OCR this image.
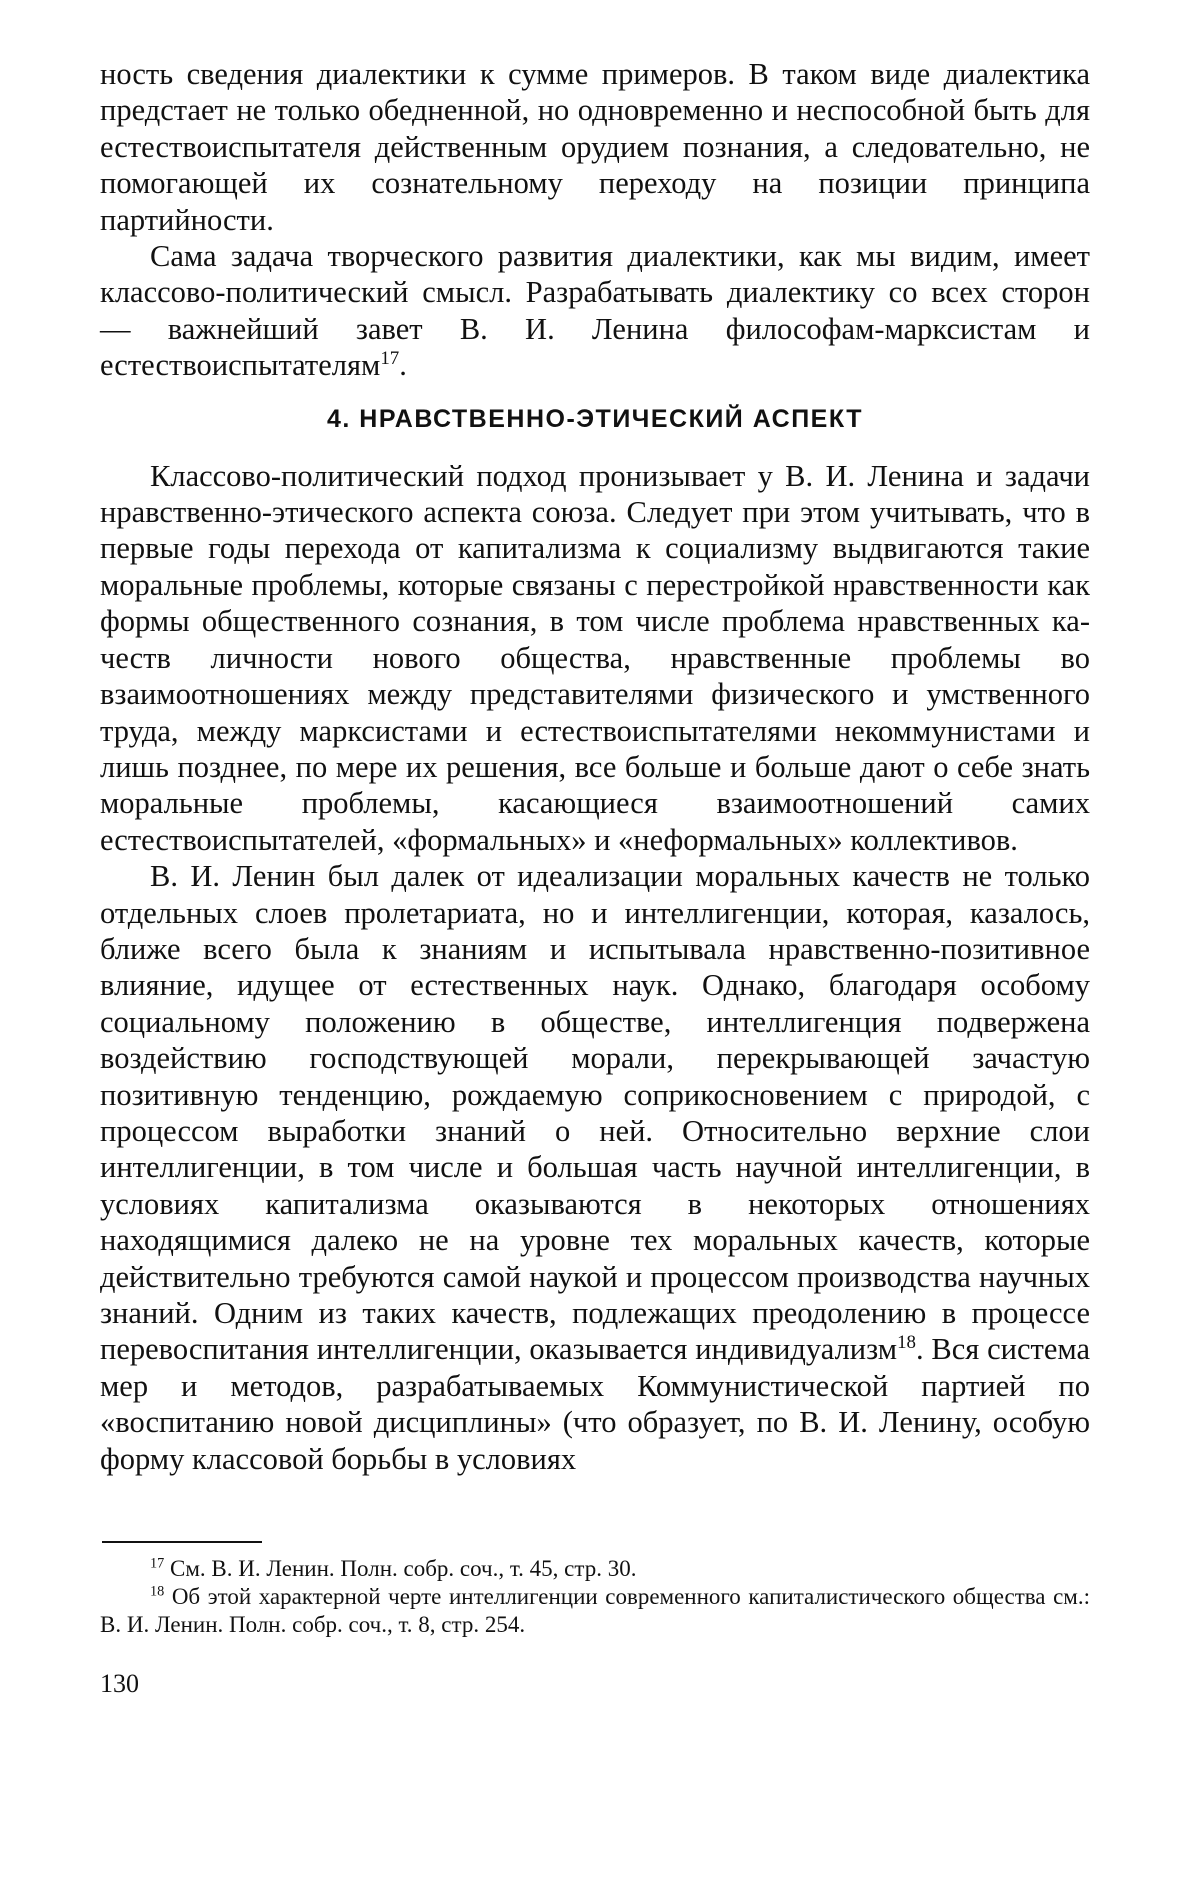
ность сведения диалектики к сумме примеров. В таком виде диалектика предстает не только обедненной, но одновременно и неспособной быть для естествоиспытателя действенным орудием познания, а следовательно, не помогающей их сознательному переходу на позиции принципа партийности.

Сама задача творческого развития диалектики, как мы видим, имеет классово-политический смысл. Разрабатывать диалектику со всех сторон — важнейший завет В. И. Ленина философам-марксистам и естествоиспытателям$^{17}$.

4. НРАВСТВЕННО-ЭТИЧЕСКИЙ АСПЕКТ

Классово-политический подход пронизывает у В. И. Ленина и задачи нравственно-этического аспекта союза. Следует при этом учитывать, что в первые годы перехода от капитализма к социализму выдвигаются такие моральные проблемы, которые связаны с перестройкой нравственности как формы общественного сознания, в том числе проблема нравственных качеств личности нового общества, нравственные проблемы во взаимоотношениях между представителями физического и умственного труда, между марксистами и естествоиспытателями некоммунистами и лишь позднее, по мере их решения, все больше и больше дают о себе знать моральные проблемы, касающиеся взаимоотношений самих естествоиспытателей, «формальных» и «неформальных» коллективов.

В. И. Ленин был далек от идеализации моральных качеств не только отдельных слоев пролетариата, но и интеллигенции, которая, казалось, ближе всего была к знаниям и испытывала нравственно-позитивное влияние, идущее от естественных наук. Однако, благодаря особому социальному положению в обществе, интеллигенция подвержена воздействию господствующей морали, перекрывающей зачастую позитивную тенденцию, рождаемую соприкосновением с природой, с процессом выработки знаний о ней. Относительно верхние слои интеллигенции, в том числе и большая часть научной интеллигенции, в условиях капитализма оказываются в некоторых отношениях находящимися далеко не на уровне тех моральных качеств, которые действительно требуются самой наукой и процессом производства научных знаний. Одним из таких качеств, подлежащих преодолению в процессе перевоспитания интеллигенции, оказывается индивидуализм$^{18}$. Вся система мер и методов, разрабатываемых Коммунистической партией по «воспитанию новой дисциплины» (что образует, по В. И. Ленину, особую форму классовой борьбы в условиях

$^{17}$ См. В. И. Ленин. Полн. собр. соч., т. 45, стр. 30.

$^{18}$ Об этой характерной черте интеллигенции современного капиталистического общества см.: В. И. Ленин. Полн. собр. соч., т. 8, стр. 254.

130
